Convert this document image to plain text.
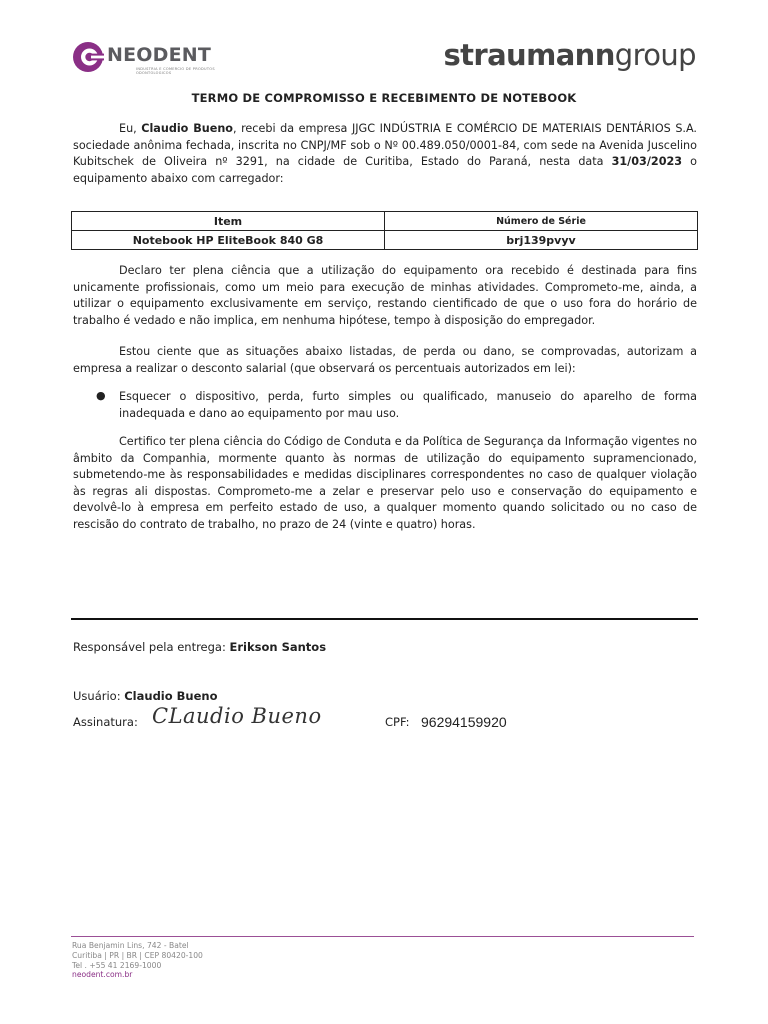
NEODENT
INDUSTRIA E COMERCIO DE PRODUTOS ODONTOLOGICOS
straumanngroup
TERMO DE COMPROMISSO E RECEBIMENTO DE NOTEBOOK

Eu, Claudio Bueno, recebi da empresa JJGC INDÚSTRIA E COMÉRCIO DE MATERIAIS DENTÁRIOS S.A. sociedade anônima fechada, inscrita no CNPJ/MF sob o Nº 00.489.050/0001-84, com sede na Avenida Juscelino Kubitschek de Oliveira nº 3291, na cidade de Curitiba, Estado do Paraná, nesta data 31/03/2023 o equipamento abaixo com carregador:

Item	Número de Série
Notebook HP EliteBook 840 G8	brj139pvyv

Declaro ter plena ciência que a utilização do equipamento ora recebido é destinada para fins unicamente profissionais, como um meio para execução de minhas atividades. Comprometo-me, ainda, a utilizar o equipamento exclusivamente em serviço, restando cientificado de que o uso fora do horário de trabalho é vedado e não implica, em nenhuma hipótese, tempo à disposição do empregador.

Estou ciente que as situações abaixo listadas, de perda ou dano, se comprovadas, autorizam a empresa a realizar o desconto salarial (que observará os percentuais autorizados em lei):

● Esquecer o dispositivo, perda, furto simples ou qualificado, manuseio do aparelho de forma inadequada e dano ao equipamento por mau uso.

Certifico ter plena ciência do Código de Conduta e da Política de Segurança da Informação vigentes no âmbito da Companhia, mormente quanto às normas de utilização do equipamento supramencionado, submetendo-me às responsabilidades e medidas disciplinares correspondentes no caso de qualquer violação às regras ali dispostas. Comprometo-me a zelar e preservar pelo uso e conservação do equipamento e devolvê-lo à empresa em perfeito estado de uso, a qualquer momento quando solicitado ou no caso de rescisão do contrato de trabalho, no prazo de 24 (vinte e quatro) horas.

Responsável pela entrega: Erikson Santos
Usuário: Claudio Bueno
Assinatura: CLaudio Bueno	CPF: 96294159920
Rua Benjamin Lins, 742 - Batel
Curitiba | PR | BR | CEP 80420-100
Tel . +55 41 2169-1000
neodent.com.br
